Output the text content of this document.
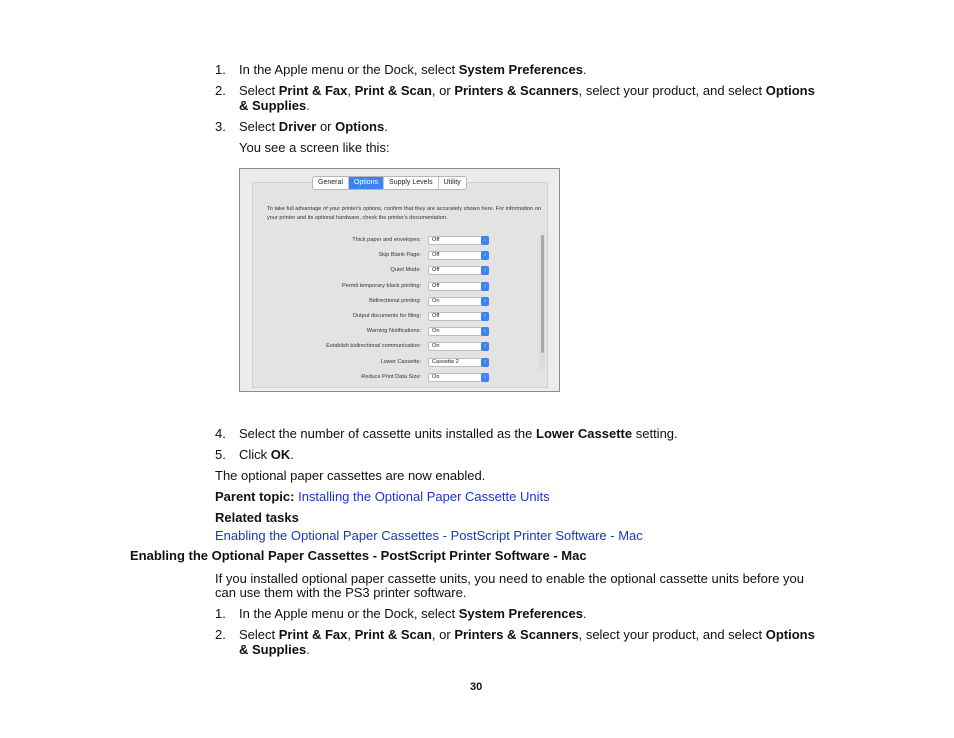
1. In the Apple menu or the Dock, select System Preferences.
2. Select Print & Fax, Print & Scan, or Printers & Scanners, select your product, and select Options
& Supplies.
3. Select Driver or Options.
You see a screen like this:
To take full advantage of your printer's options, confirm that they are accurately shown here. For information on your printer and its optional hardware, check the printer's documentation.
Thick paper and envelopes:	Off	↕
Skip Blank Page:	Off	↕
Quiet Mode:	Off	↕
Permit temporary black printing:	Off	↕
Bidirectional printing:	On	↕
Output documents for filing:	Off	↕
Warning Notifications:	On	↕
Establish bidirectional communication:	On	↕
Lower Cassette:	Cassette 2	↕
Reduce Print Data Size:	On	↕
General	Options	Supply Levels	Utility
4. Select the number of cassette units installed as the Lower Cassette setting.
5. Click OK.
The optional paper cassettes are now enabled.
Parent topic: Installing the Optional Paper Cassette Units
Related tasks
Enabling the Optional Paper Cassettes - PostScript Printer Software - Mac
Enabling the Optional Paper Cassettes - PostScript Printer Software - Mac
If you installed optional paper cassette units, you need to enable the optional cassette units before you
can use them with the PS3 printer software.
1. In the Apple menu or the Dock, select System Preferences.
2. Select Print & Fax, Print & Scan, or Printers & Scanners, select your product, and select Options
& Supplies.
30
